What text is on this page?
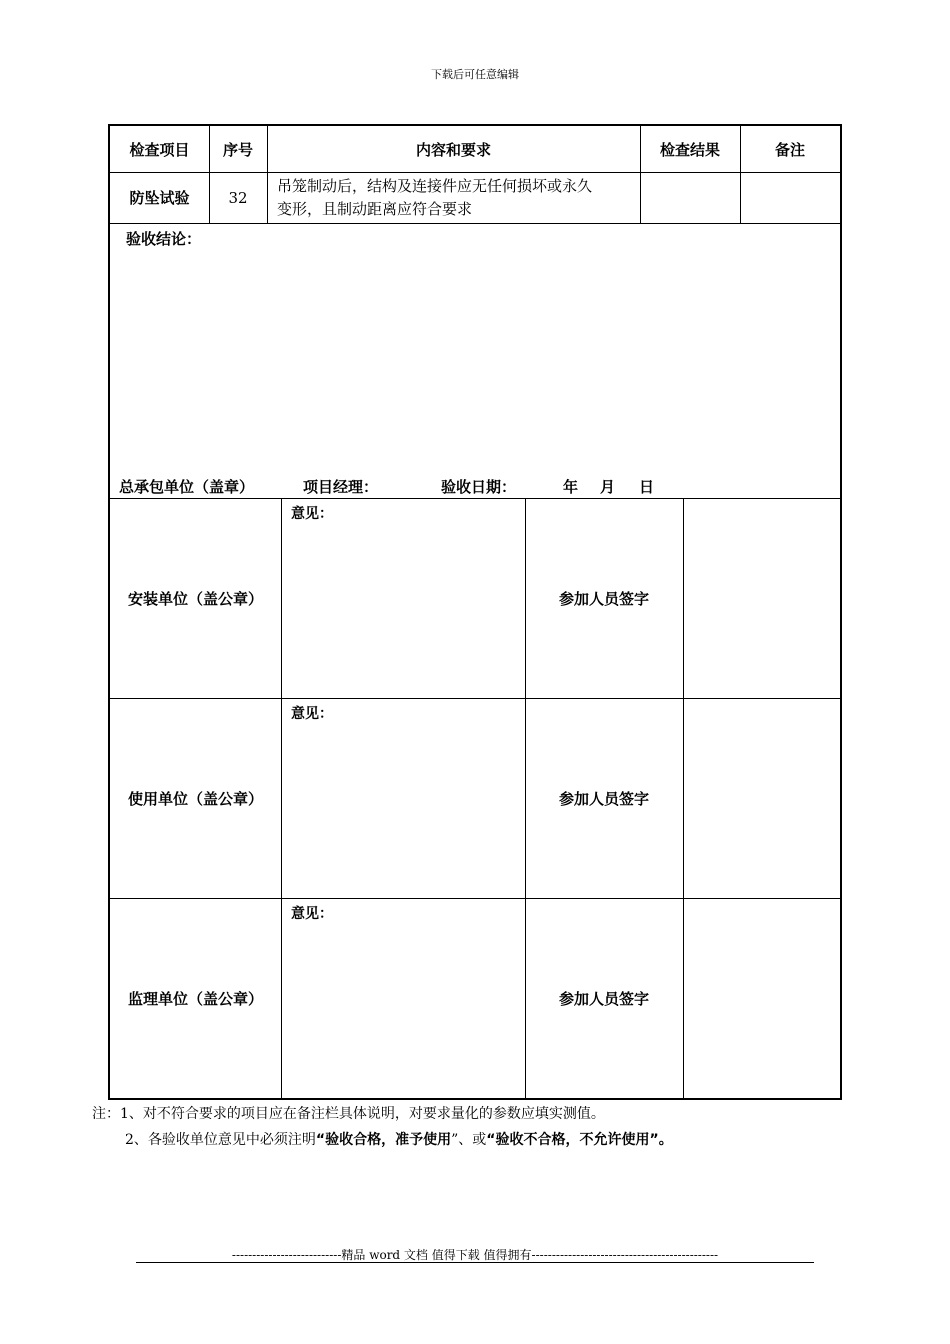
下载后可任意编辑
检查项目	序号	内容和要求	检查结果	备注
防坠试验	32
吊笼制动后，结构及连接件应无任何损坏或永久
变形，且制动距离应符合要求
验收结论：
总承包单位（盖章）	项目经理：	验收日期：	年 月 日
安装单位（盖公章）
意见：
参加人员签字
使用单位（盖公章）
意见：
参加人员签字
监理单位（盖公章）
意见：
参加人员签字
注：1、对不符合要求的项目应在备注栏具体说明，对要求量化的参数应填实测值。
2、各验收单位意见中必须注明“验收合格，准予使用”、或“验收不合格，不允许使用”。
---------------------------精品 word 文档 值得下载 值得拥有----------------------------------------------
